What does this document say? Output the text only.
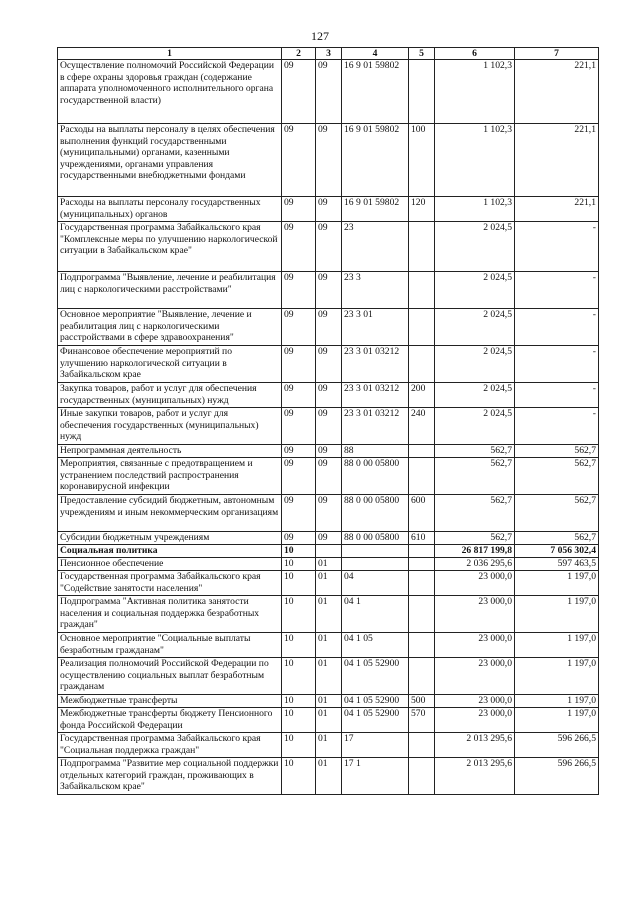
127
1	2	3	4	5	6	7
Осуществление полномочий Российской Федерации в сфере охраны здоровья граждан (содержание аппарата уполномоченного исполнительного органа государственной власти)	09	09	16 9 01 59802		1 102,3	221,1
Расходы на выплаты персоналу в целях обеспечения выполнения функций государственными (муниципальными) органами, казенными учреждениями, органами управления государственными внебюджетными фондами	09	09	16 9 01 59802	100	1 102,3	221,1
Расходы на выплаты персоналу государственных (муниципальных) органов	09	09	16 9 01 59802	120	1 102,3	221,1
Государственная программа Забайкальского края "Комплексные меры по улучшению наркологической ситуации в Забайкальском крае"	09	09	23		2 024,5	-
Подпрограмма "Выявление, лечение и реабилитация лиц с наркологическими расстройствами"	09	09	23 3		2 024,5	-
Основное мероприятие "Выявление, лечение и реабилитация лиц с наркологическими расстройствами в сфере здравоохранения"	09	09	23 3 01		2 024,5	-
Финансовое обеспечение мероприятий по улучшению наркологической ситуации в Забайкальском крае	09	09	23 3 01 03212		2 024,5	-
Закупка товаров, работ и услуг для обеспечения государственных (муниципальных) нужд	09	09	23 3 01 03212	200	2 024,5	-
Иные закупки товаров, работ и услуг для обеспечения государственных (муниципальных) нужд	09	09	23 3 01 03212	240	2 024,5	-
Непрограммная деятельность	09	09	88		562,7	562,7
Мероприятия, связанные с предотвращением и устранением последствий распространения коронавирусной инфекции	09	09	88 0 00 05800		562,7	562,7
Предоставление субсидий бюджетным, автономным учреждениям и иным некоммерческим организациям	09	09	88 0 00 05800	600	562,7	562,7
Субсидии бюджетным учреждениям	09	09	88 0 00 05800	610	562,7	562,7
Социальная политика	10				26 817 199,8	7 056 302,4
Пенсионное обеспечение	10	01			2 036 295,6	597 463,5
Государственная программа Забайкальского края "Содействие занятости населения"	10	01	04		23 000,0	1 197,0
Подпрограмма "Активная политика занятости населения и социальная поддержка безработных граждан"	10	01	04 1		23 000,0	1 197,0
Основное мероприятие "Социальные выплаты безработным гражданам"	10	01	04 1 05		23 000,0	1 197,0
Реализация полномочий Российской Федерации по осуществлению социальных выплат безработным гражданам	10	01	04 1 05 52900		23 000,0	1 197,0
Межбюджетные трансферты	10	01	04 1 05 52900	500	23 000,0	1 197,0
Межбюджетные трансферты бюджету Пенсионного фонда Российской Федерации	10	01	04 1 05 52900	570	23 000,0	1 197,0
Государственная программа Забайкальского края "Социальная поддержка граждан"	10	01	17		2 013 295,6	596 266,5
Подпрограмма "Развитие мер социальной поддержки отдельных категорий граждан, проживающих в Забайкальском крае"	10	01	17 1		2 013 295,6	596 266,5
